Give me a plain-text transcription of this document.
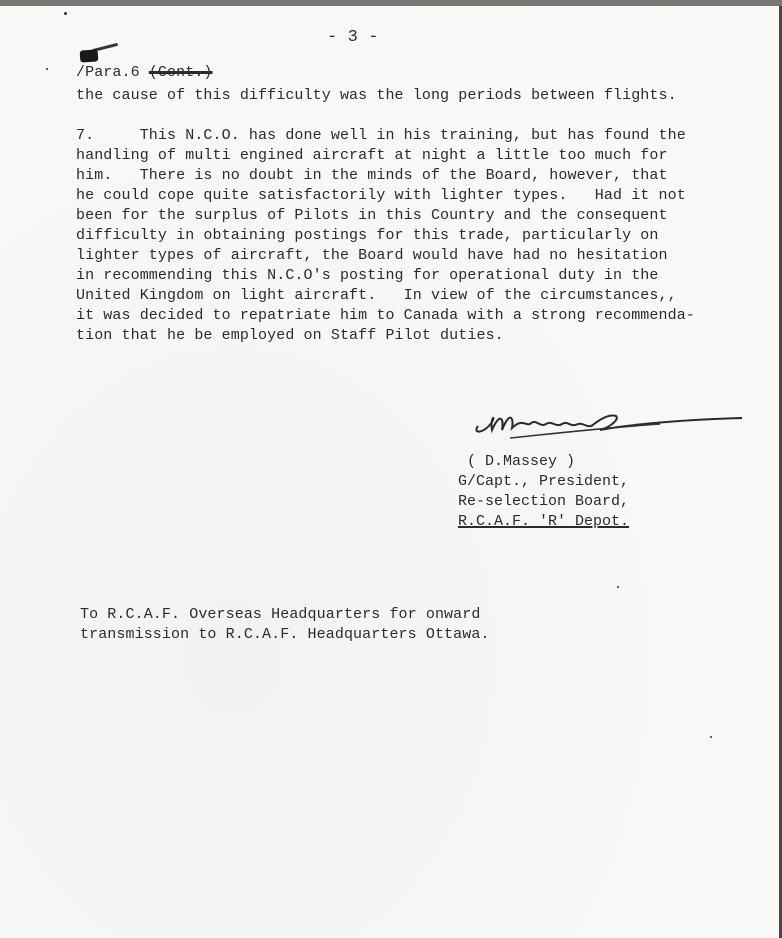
- 3 -
/Para.6 (Cont.)
the cause of this difficulty was the long periods between flights.
7.     This N.C.O. has done well in his training, but has found the
handling of multi engined aircraft at night a little too much for
him.   There is no doubt in the minds of the Board, however, that
he could cope quite satisfactorily with lighter types.   Had it not
been for the surplus of Pilots in this Country and the consequent
difficulty in obtaining postings for this trade, particularly on
lighter types of aircraft, the Board would have had no hesitation
in recommending this N.C.O's posting for operational duty in the
United Kingdom on light aircraft.   In view of the circumstances,,
it was decided to repatriate him to Canada with a strong recommenda-
tion that he be employed on Staff Pilot duties.
( D.Massey )
G/Capt., President,
Re-selection Board,
R.C.A.F. 'R' Depot.
To R.C.A.F. Overseas Headquarters for onward
transmission to R.C.A.F. Headquarters Ottawa.
